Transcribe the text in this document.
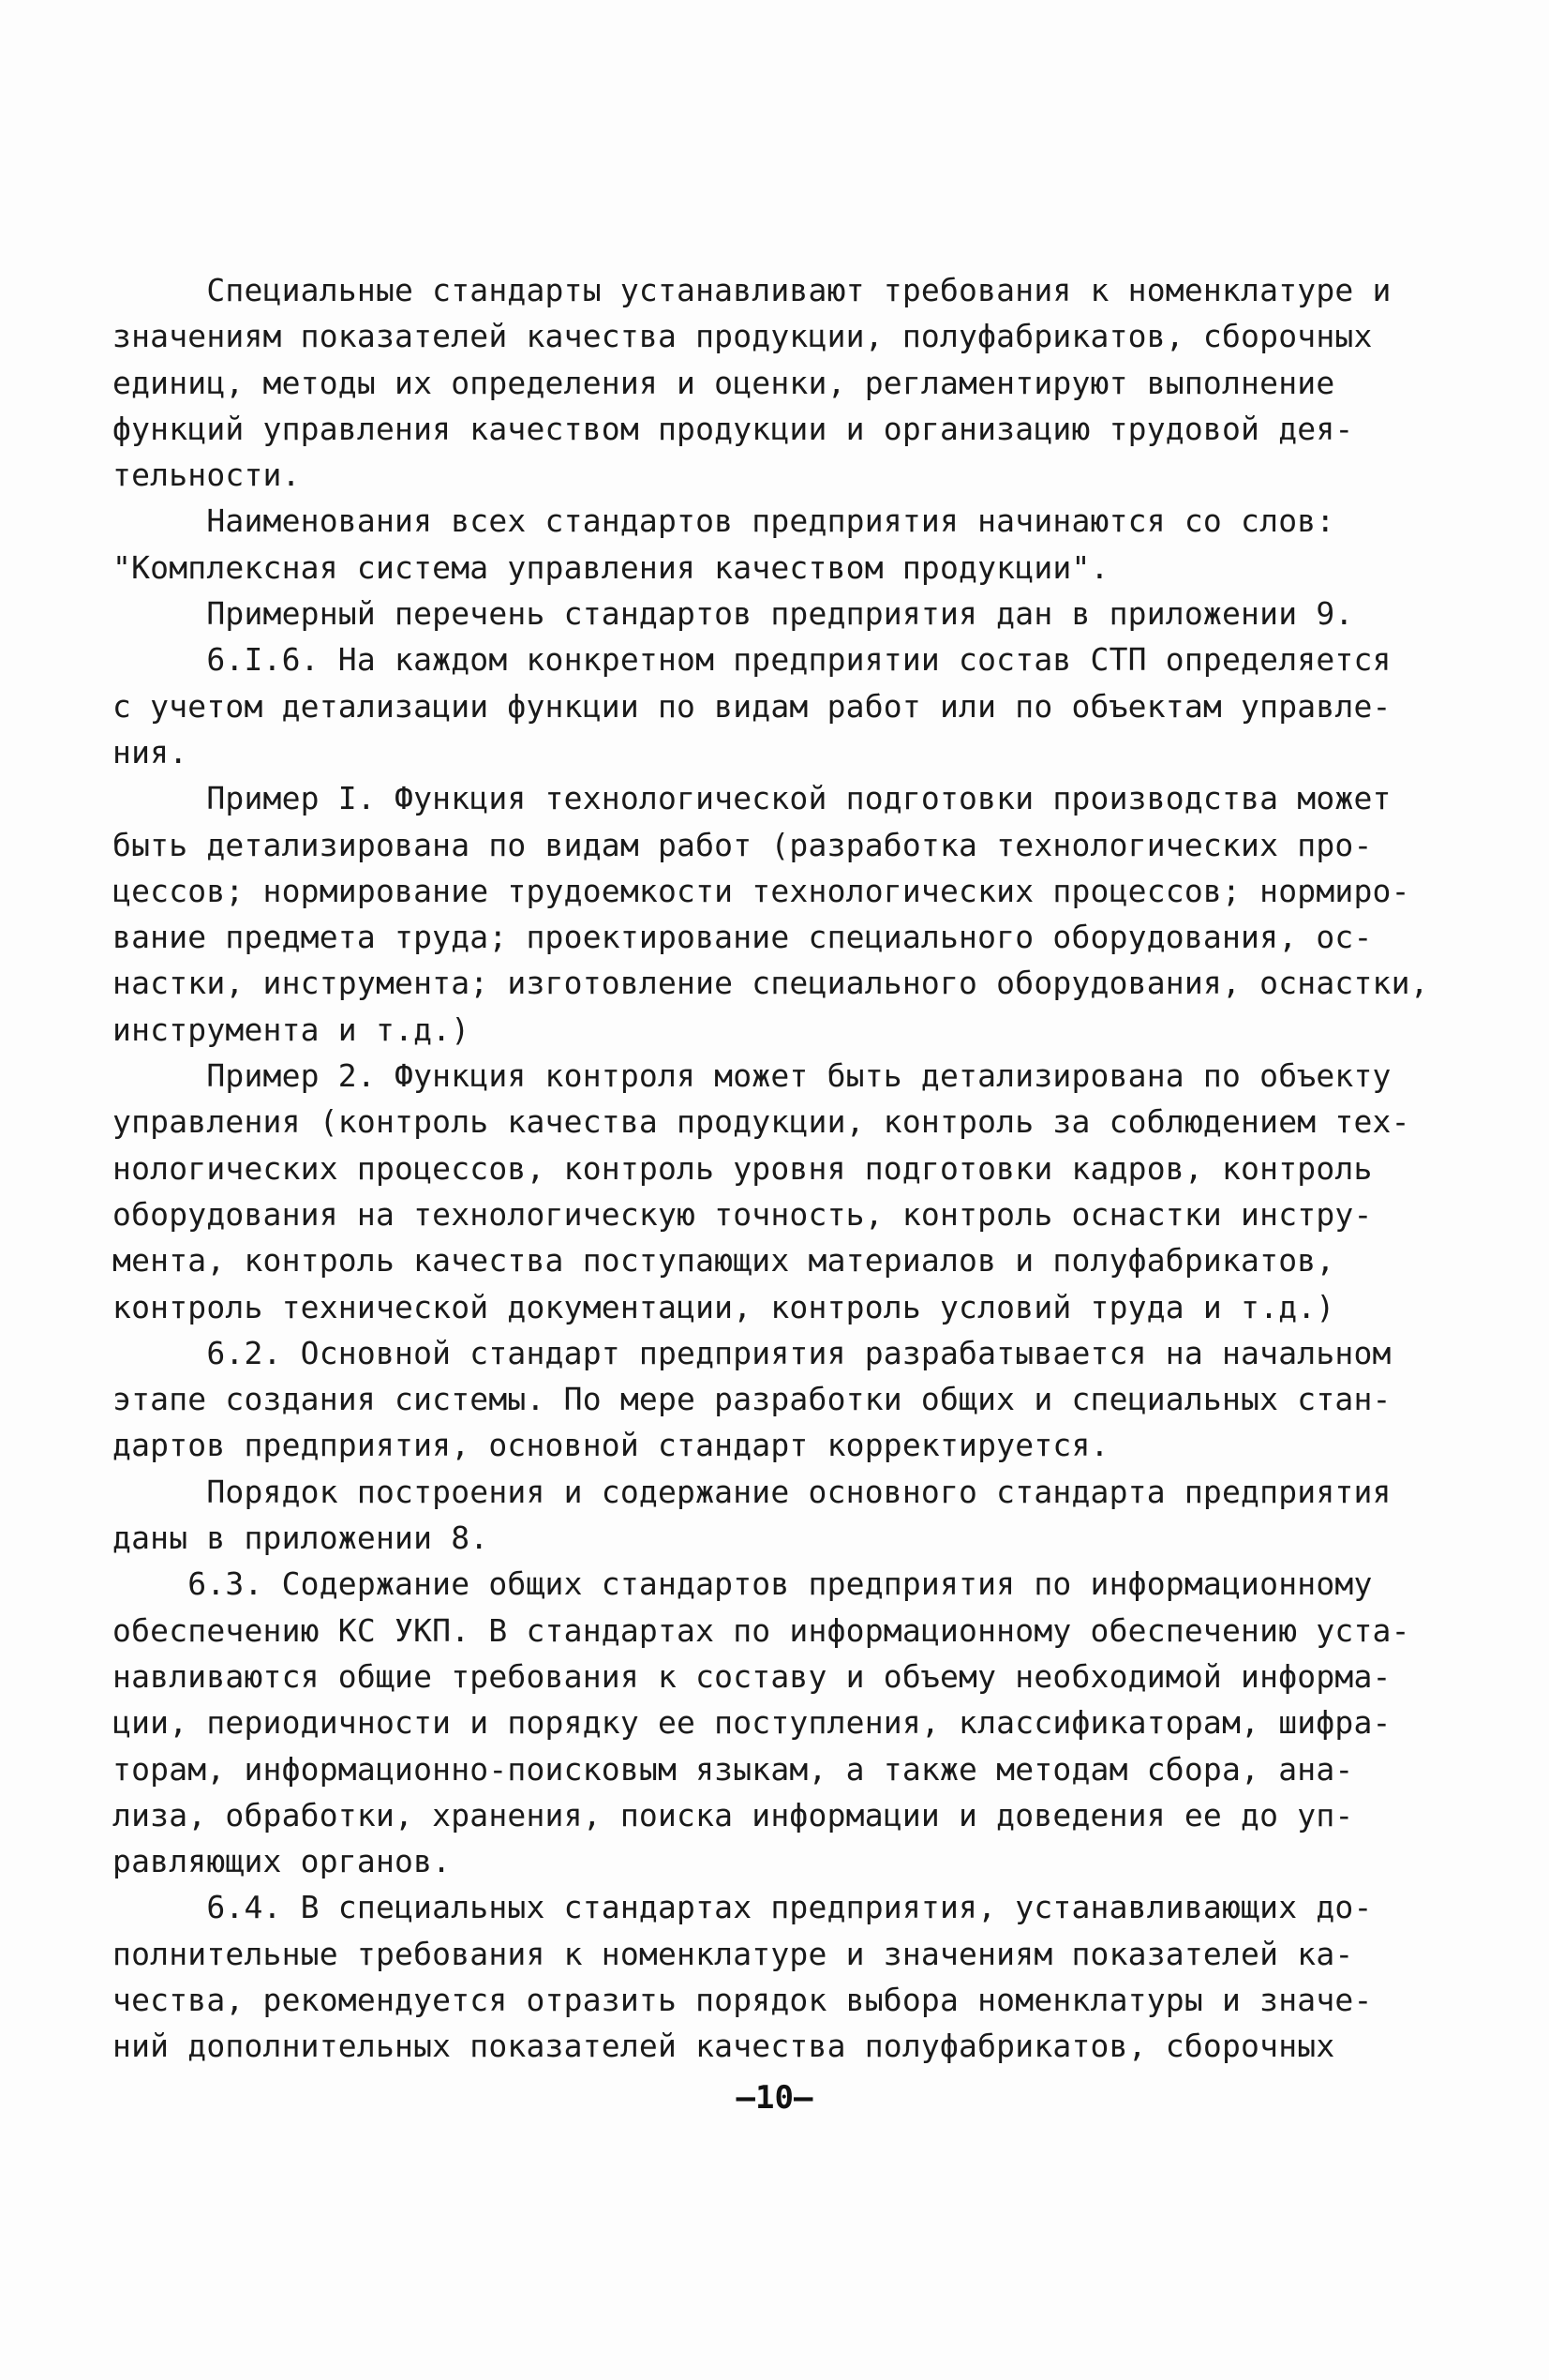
Специальные стандарты устанавливают требования к номенклатуре и
значениям показателей качества продукции, полуфабрикатов, сборочных
единиц, методы их определения и оценки, регламентируют выполнение
функций управления качеством продукции и организацию трудовой дея-
тельности.
Наименования всех стандартов предприятия начинаются со слов:
"Комплексная система управления качеством продукции".
Примерный перечень стандартов предприятия дан в приложении 9.
6.I.6. На каждом конкретном предприятии состав СТП определяется
с учетом детализации функции по видам работ или по объектам управле-
ния.
Пример I. Функция технологической подготовки производства может
быть детализирована по видам работ (разработка технологических про-
цессов; нормирование трудоемкости технологических процессов; нормиро-
вание предмета труда; проектирование специального оборудования, ос-
настки, инструмента; изготовление специального оборудования, оснастки,
инструмента и т.д.)
Пример 2. Функция контроля может быть детализирована по объекту
управления (контроль качества продукции, контроль за соблюдением тех-
нологических процессов, контроль уровня подготовки кадров, контроль
оборудования на технологическую точность, контроль оснастки инстру-
мента, контроль качества поступающих материалов и полуфабрикатов,
контроль технической документации, контроль условий труда и т.д.)
6.2. Основной стандарт предприятия разрабатывается на начальном
этапе создания системы. По мере разработки общих и специальных стан-
дартов предприятия, основной стандарт корректируется.
Порядок построения и содержание основного стандарта предприятия
даны в приложении 8.
6.3. Содержание общих стандартов предприятия по информационному
обеспечению КС УКП. В стандартах по информационному обеспечению уста-
навливаются общие требования к составу и объему необходимой информа-
ции, периодичности и порядку ее поступления, классификаторам, шифра-
торам, информационно-поисковым языкам, а также методам сбора, ана-
лиза, обработки, хранения, поиска информации и доведения ее до уп-
равляющих органов.
6.4. В специальных стандартах предприятия, устанавливающих до-
полнительные требования к номенклатуре и значениям показателей ка-
чества, рекомендуется отразить порядок выбора номенклатуры и значе-
ний дополнительных показателей качества полуфабрикатов, сборочных
—10—
